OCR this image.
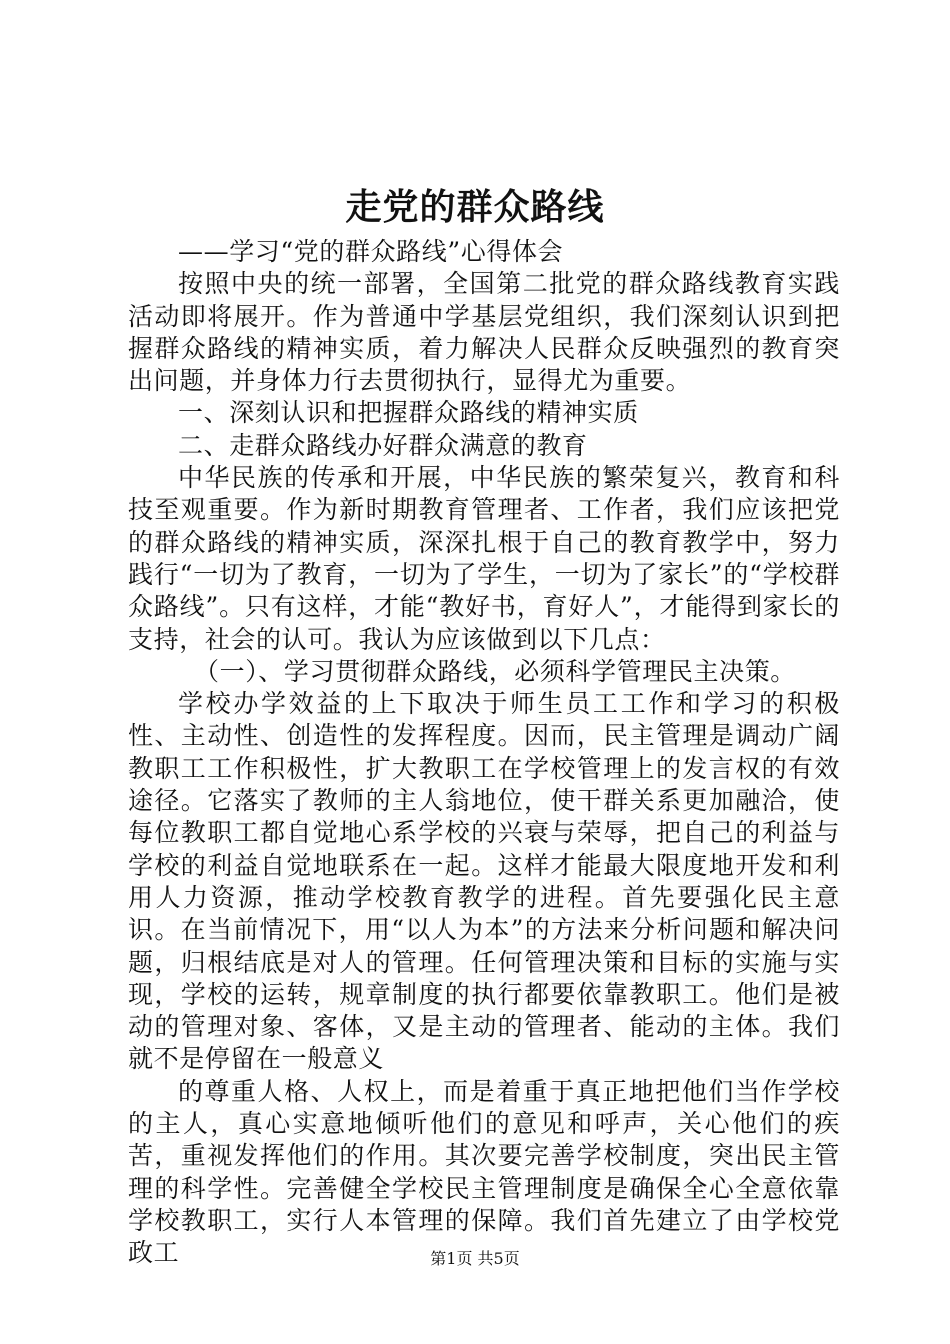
走党的群众路线

——学习“党的群众路线”心得体会

按照中央的统一部署，全国第二批党的群众路线教育实践活动即将展开。作为普通中学基层党组织，我们深刻认识到把握群众路线的精神实质，着力解决人民群众反映强烈的教育突出问题，并身体力行去贯彻执行，显得尤为重要。

一、深刻认识和把握群众路线的精神实质

二、走群众路线办好群众满意的教育

中华民族的传承和开展，中华民族的繁荣复兴，教育和科技至观重要。作为新时期教育管理者、工作者，我们应该把党的群众路线的精神实质，深深扎根于自己的教育教学中，努力践行“一切为了教育，一切为了学生，一切为了家长”的“学校群众路线”。只有这样，才能“教好书，育好人”，才能得到家长的支持，社会的认可。我认为应该做到以下几点：

（一）、学习贯彻群众路线，必须科学管理民主决策。

学校办学效益的上下取决于师生员工工作和学习的积极性、主动性、创造性的发挥程度。因而，民主管理是调动广阔教职工工作积极性，扩大教职工在学校管理上的发言权的有效途径。它落实了教师的主人翁地位，使干群关系更加融洽，使每位教职工都自觉地心系学校的兴衰与荣辱，把自己的利益与学校的利益自觉地联系在一起。这样才能最大限度地开发和利用人力资源，推动学校教育教学的进程。首先要强化民主意识。在当前情况下，用“以人为本”的方法来分析问题和解决问题，归根结底是对人的管理。任何管理决策和目标的实施与实现，学校的运转，规章制度的执行都要依靠教职工。他们是被动的管理对象、客体，又是主动的管理者、能动的主体。我们就不是停留在一般意义

的尊重人格、人权上，而是着重于真正地把他们当作学校的主人，真心实意地倾听他们的意见和呼声，关心他们的疾苦，重视发挥他们的作用。其次要完善学校制度，突出民主管理的科学性。完善健全学校民主管理制度是确保全心全意依靠学校教职工，实行人本管理的保障。我们首先建立了由学校党政工	第1页 共5页
